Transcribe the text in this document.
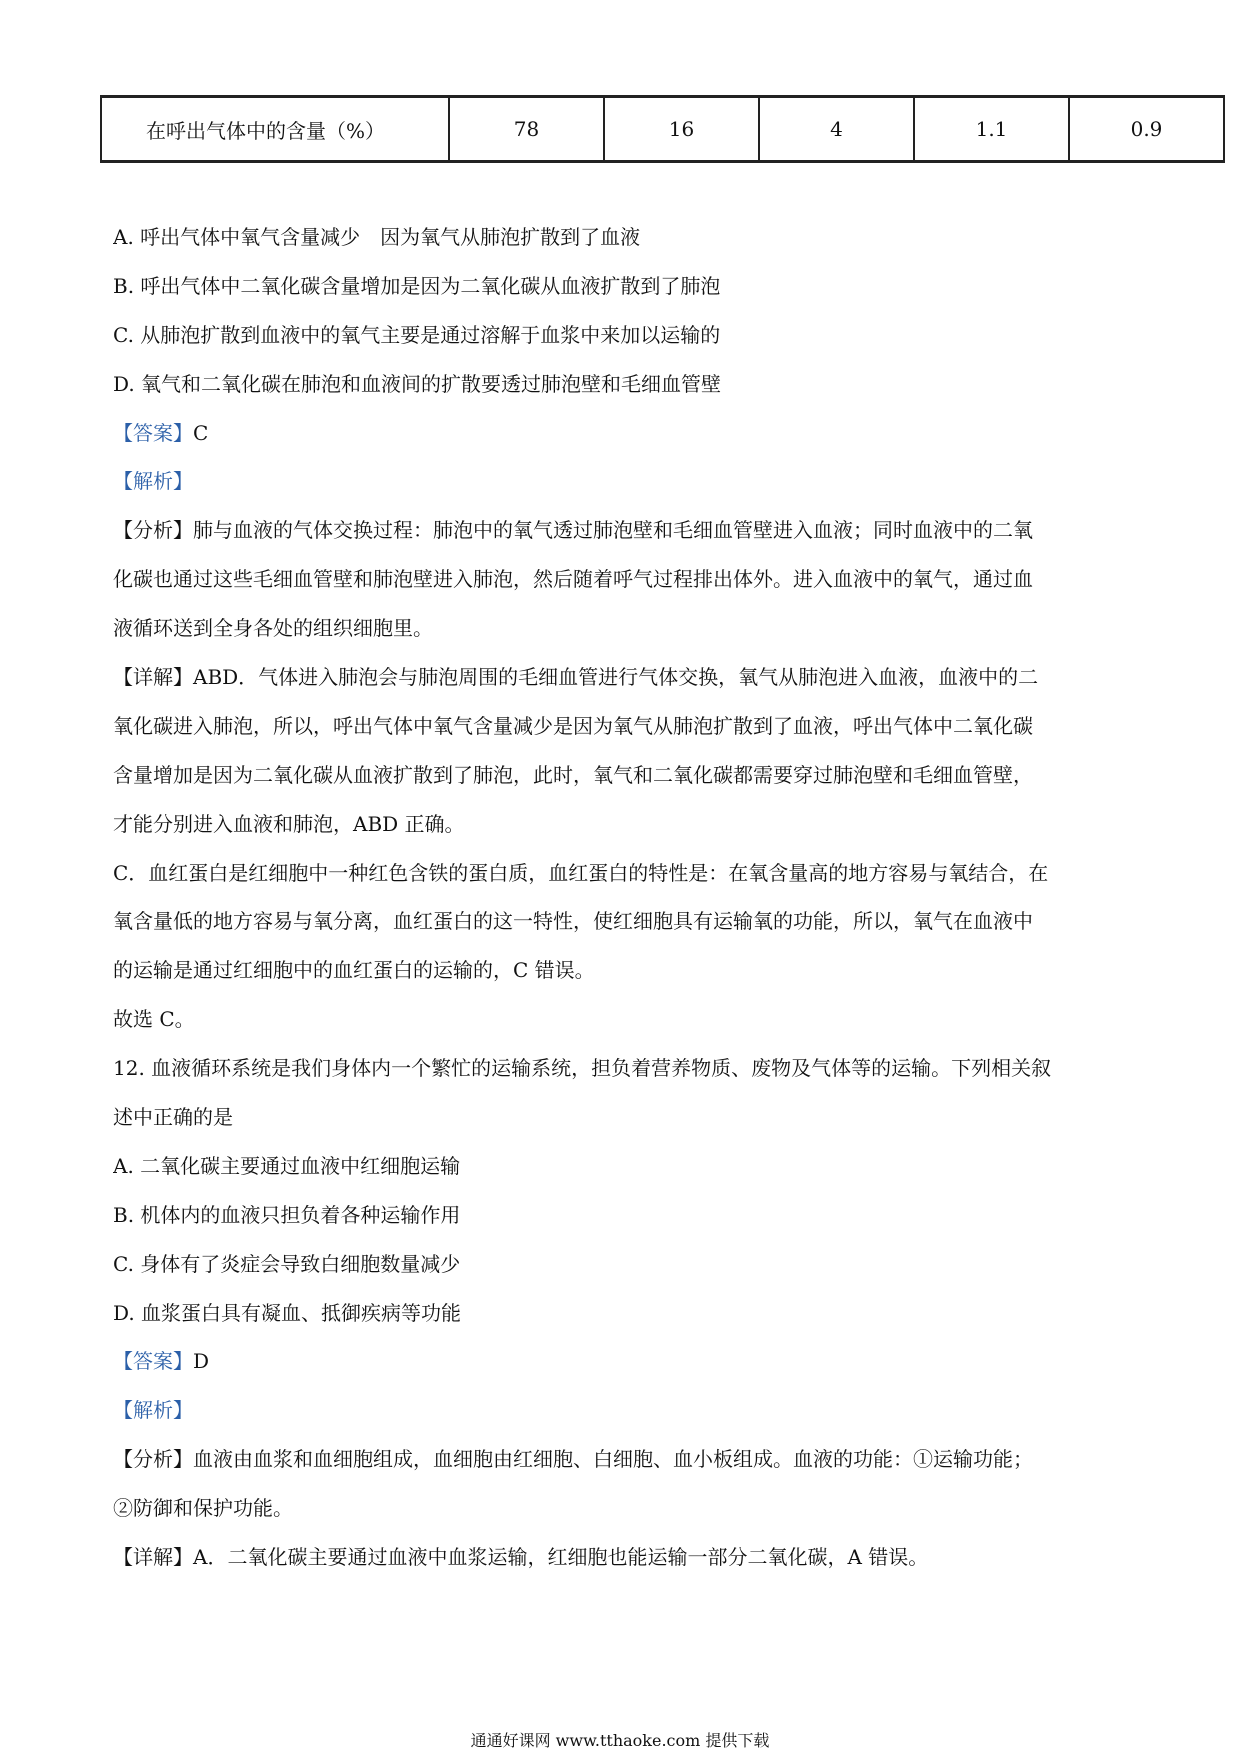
在呼出气体中的含量（%）	78	16	4	1.1	0.9
A. 呼出气体中氧气含量减少　因为氧气从肺泡扩散到了血液
B. 呼出气体中二氧化碳含量增加是因为二氧化碳从血液扩散到了肺泡
C. 从肺泡扩散到血液中的氧气主要是通过溶解于血浆中来加以运输的
D. 氧气和二氧化碳在肺泡和血液间的扩散要透过肺泡壁和毛细血管壁
【答案】C
【解析】
【分析】肺与血液的气体交换过程：肺泡中的氧气透过肺泡壁和毛细血管壁进入血液；同时血液中的二氧
化碳也通过这些毛细血管壁和肺泡壁进入肺泡，然后随着呼气过程排出体外。进入血液中的氧气，通过血
液循环送到全身各处的组织细胞里。
【详解】ABD．气体进入肺泡会与肺泡周围的毛细血管进行气体交换，氧气从肺泡进入血液，血液中的二
氧化碳进入肺泡，所以，呼出气体中氧气含量减少是因为氧气从肺泡扩散到了血液，呼出气体中二氧化碳
含量增加是因为二氧化碳从血液扩散到了肺泡，此时，氧气和二氧化碳都需要穿过肺泡壁和毛细血管壁，
才能分别进入血液和肺泡，ABD 正确。
C．血红蛋白是红细胞中一种红色含铁的蛋白质，血红蛋白的特性是：在氧含量高的地方容易与氧结合，在
氧含量低的地方容易与氧分离，血红蛋白的这一特性，使红细胞具有运输氧的功能，所以，氧气在血液中
的运输是通过红细胞中的血红蛋白的运输的，C 错误。
故选 C。
12. 血液循环系统是我们身体内一个繁忙的运输系统，担负着营养物质、废物及气体等的运输。下列相关叙
述中正确的是
A. 二氧化碳主要通过血液中红细胞运输
B. 机体内的血液只担负着各种运输作用
C. 身体有了炎症会导致白细胞数量减少
D. 血浆蛋白具有凝血、抵御疾病等功能
【答案】D
【解析】
【分析】血液由血浆和血细胞组成，血细胞由红细胞、白细胞、血小板组成。血液的功能：①运输功能；
②防御和保护功能。
【详解】A．二氧化碳主要通过血液中血浆运输，红细胞也能运输一部分二氧化碳，A 错误。
通通好课网 www.tthaoke.com 提供下载
